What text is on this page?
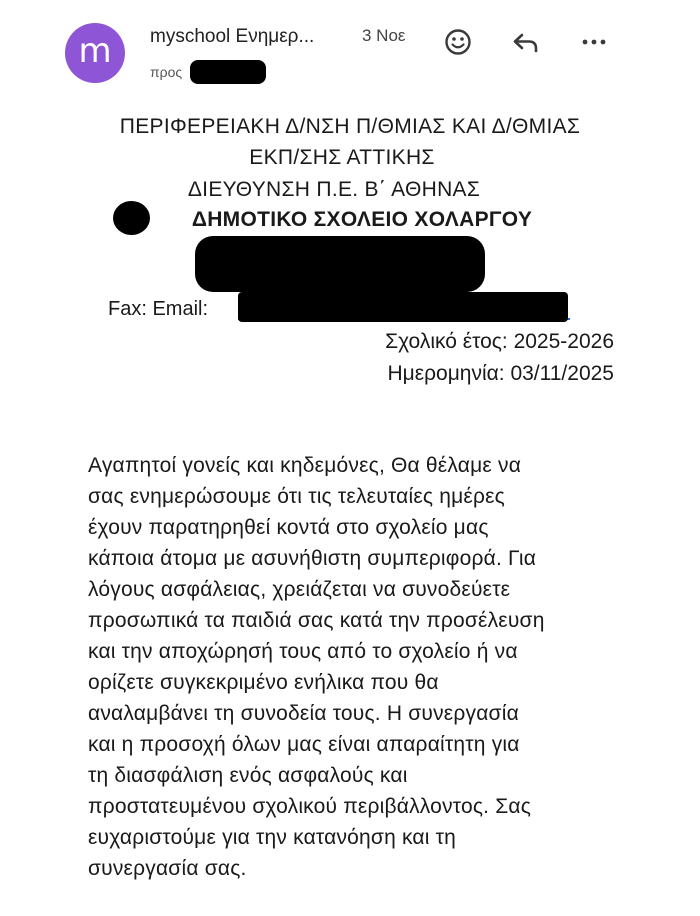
m	myschool Ενημερ...	3 Νοε
προς
ΠΕΡΙΦΕΡΕΙΑΚΗ Δ/ΝΣΗ Π/ΘΜΙΑΣ ΚΑΙ Δ/ΘΜΙΑΣ
ΕΚΠ/ΣΗΣ ΑΤΤΙΚΗΣ
ΔΙΕΥΘΥΝΣΗ Π.Ε. Β΄ ΑΘΗΝΑΣ
ΔΗΜΟΤΙΚΟ ΣΧΟΛΕΙΟ ΧΟΛΑΡΓΟΥ
Fax: Email:
Σχολικό έτος: 2025-2026
Ημερομηνία: 03/11/2025
Αγαπητοί γονείς και κηδεμόνες, Θα θέλαμε να
σας ενημερώσουμε ότι τις τελευταίες ημέρες
έχουν παρατηρηθεί κοντά στο σχολείο μας
κάποια άτομα με ασυνήθιστη συμπεριφορά. Για
λόγους ασφάλειας, χρειάζεται να συνοδεύετε
προσωπικά τα παιδιά σας κατά την προσέλευση
και την αποχώρησή τους από το σχολείο ή να
ορίζετε συγκεκριμένο ενήλικα που θα
αναλαμβάνει τη συνοδεία τους. Η συνεργασία
και η προσοχή όλων μας είναι απαραίτητη για
τη διασφάλιση ενός ασφαλούς και
προστατευμένου σχολικού περιβάλλοντος. Σας
ευχαριστούμε για την κατανόηση και τη
συνεργασία σας.
